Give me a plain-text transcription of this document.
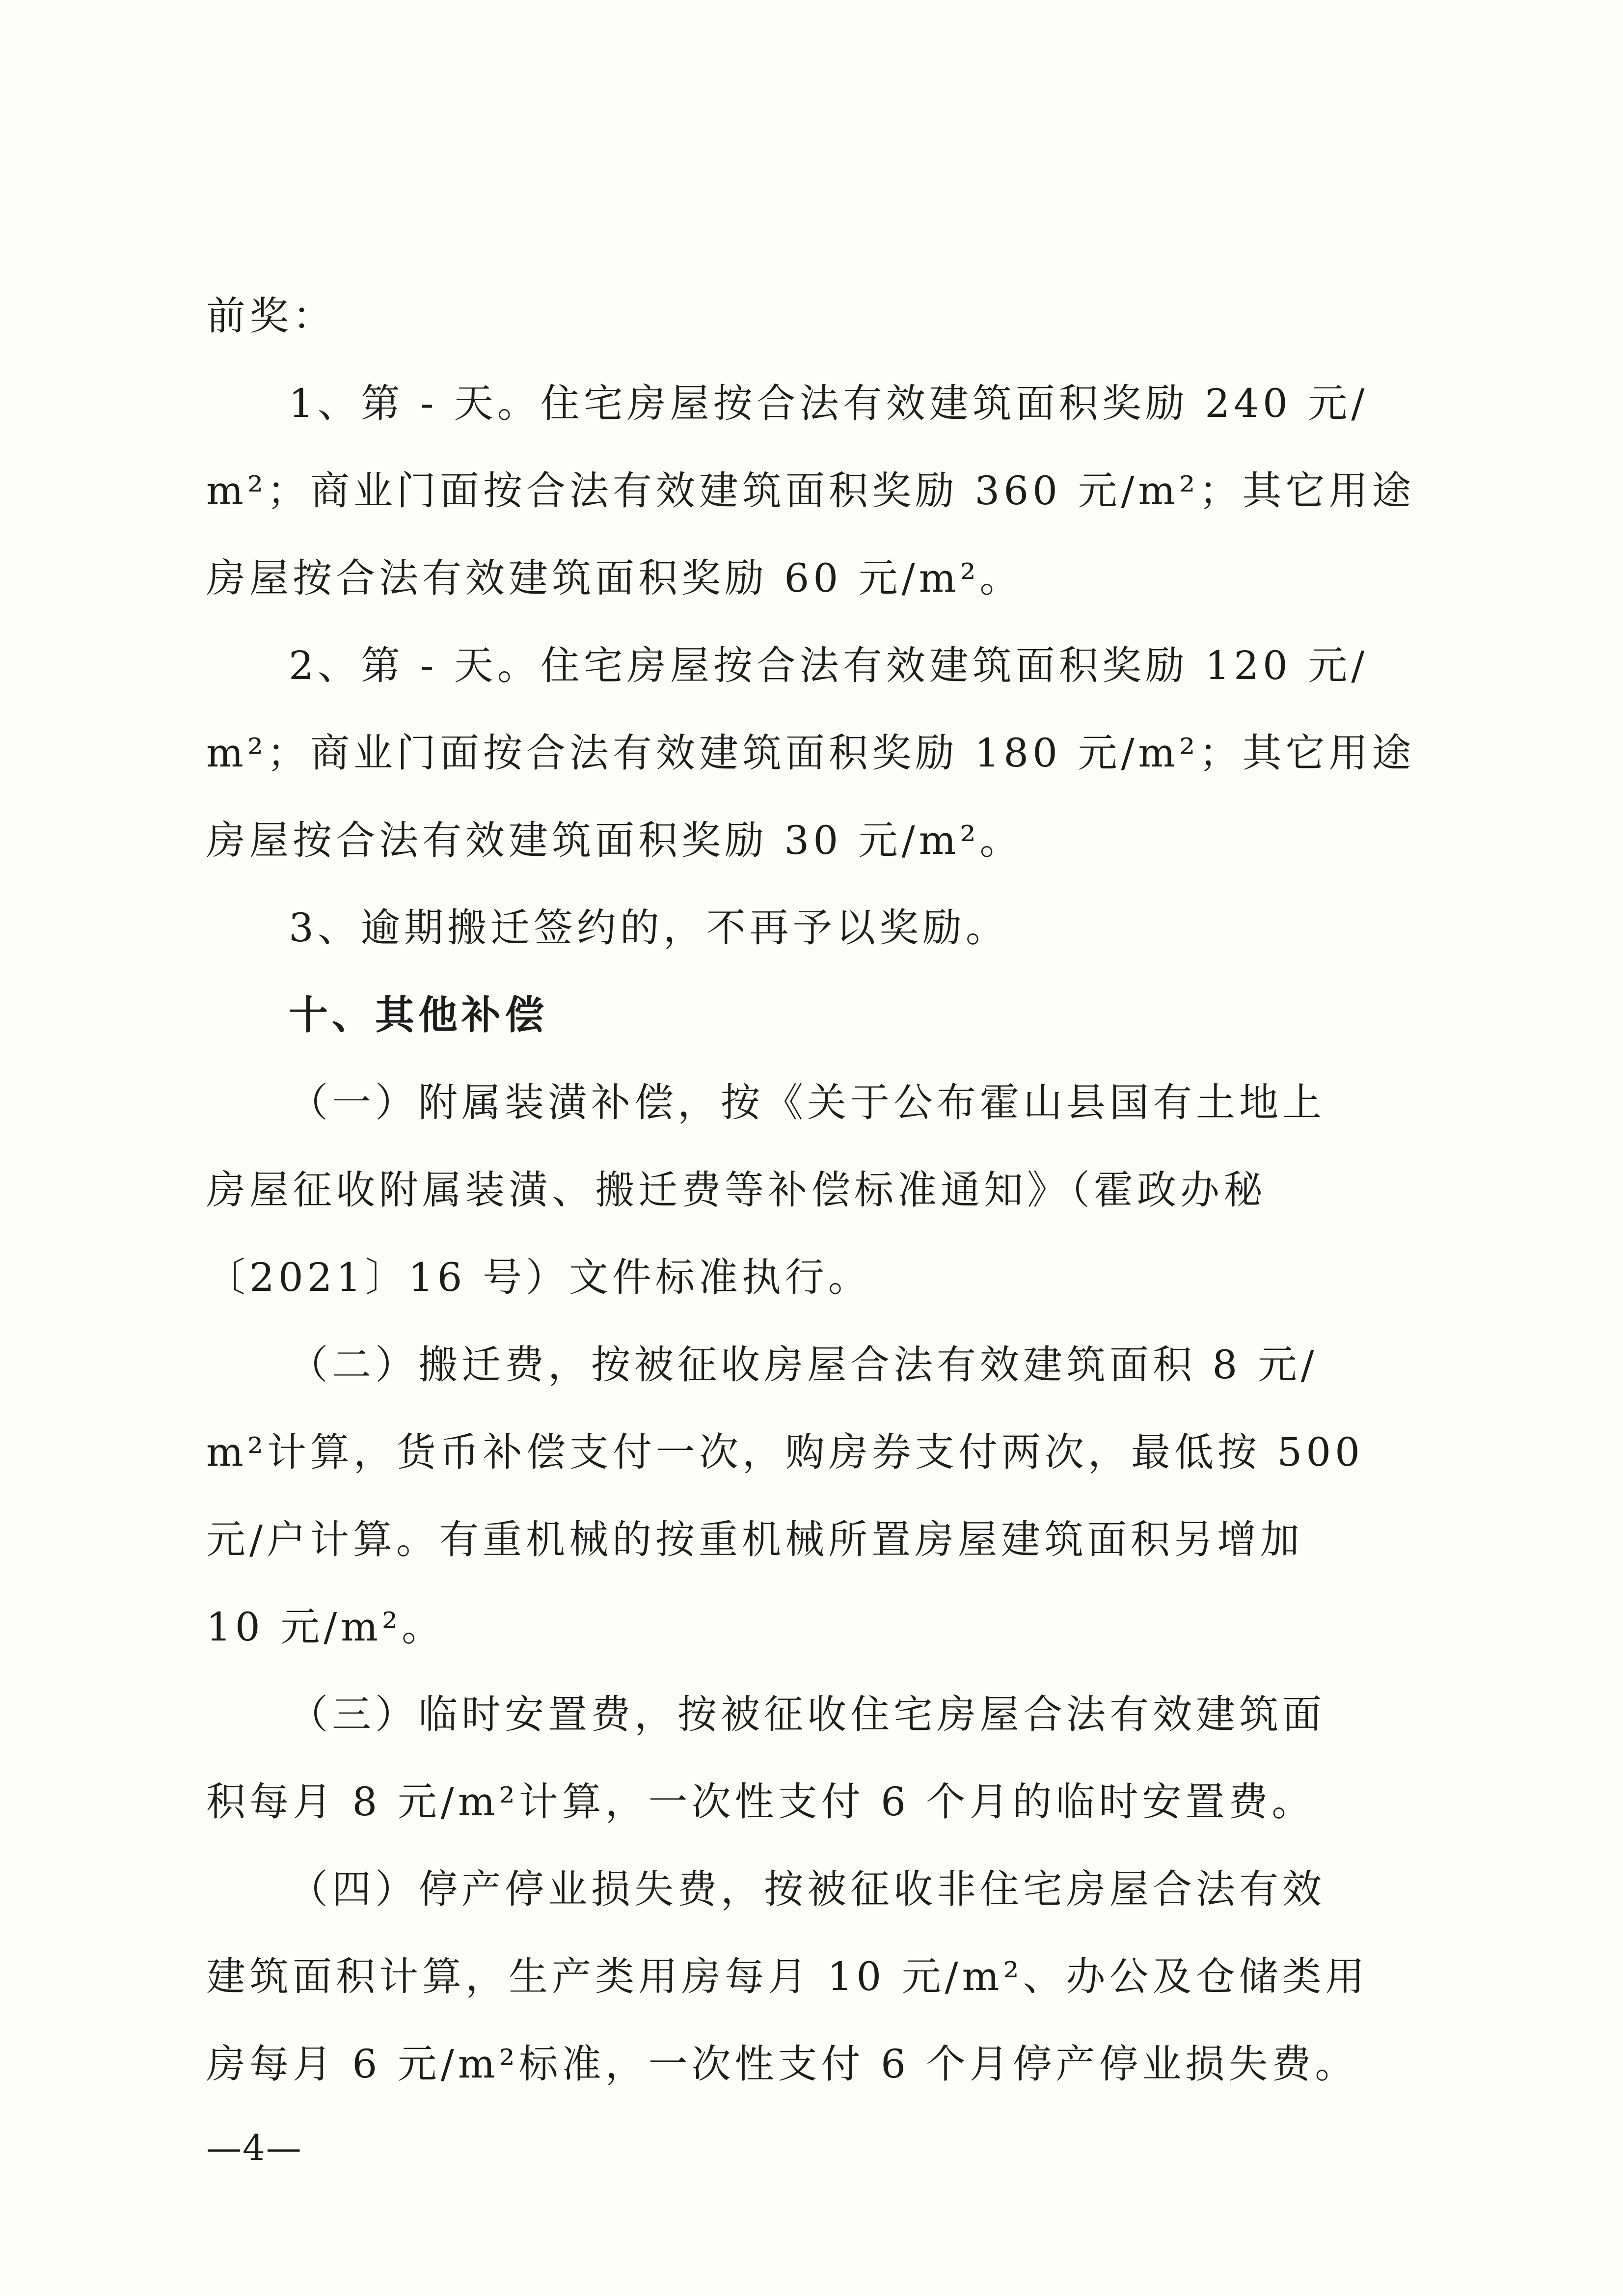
前奖：

1、第 - 天。住宅房屋按合法有效建筑面积奖励 240 元/

m²；商业门面按合法有效建筑面积奖励 360 元/m²；其它用途

房屋按合法有效建筑面积奖励 60 元/m²。

2、第 - 天。住宅房屋按合法有效建筑面积奖励 120 元/

m²；商业门面按合法有效建筑面积奖励 180 元/m²；其它用途

房屋按合法有效建筑面积奖励 30 元/m²。

3、逾期搬迁签约的，不再予以奖励。

十、其他补偿

（一）附属装潢补偿，按《关于公布霍山县国有土地上

房屋征收附属装潢、搬迁费等补偿标准通知》（霍政办秘

〔2021〕16 号）文件标准执行。

（二）搬迁费，按被征收房屋合法有效建筑面积 8 元/

m²计算，货币补偿支付一次，购房券支付两次，最低按 500

元/户计算。有重机械的按重机械所置房屋建筑面积另增加

10 元/m²。

（三）临时安置费，按被征收住宅房屋合法有效建筑面

积每月 8 元/m²计算，一次性支付 6 个月的临时安置费。

（四）停产停业损失费，按被征收非住宅房屋合法有效

建筑面积计算，生产类用房每月 10 元/m²、办公及仓储类用

房每月 6 元/m²标准，一次性支付 6 个月停产停业损失费。

—4—
